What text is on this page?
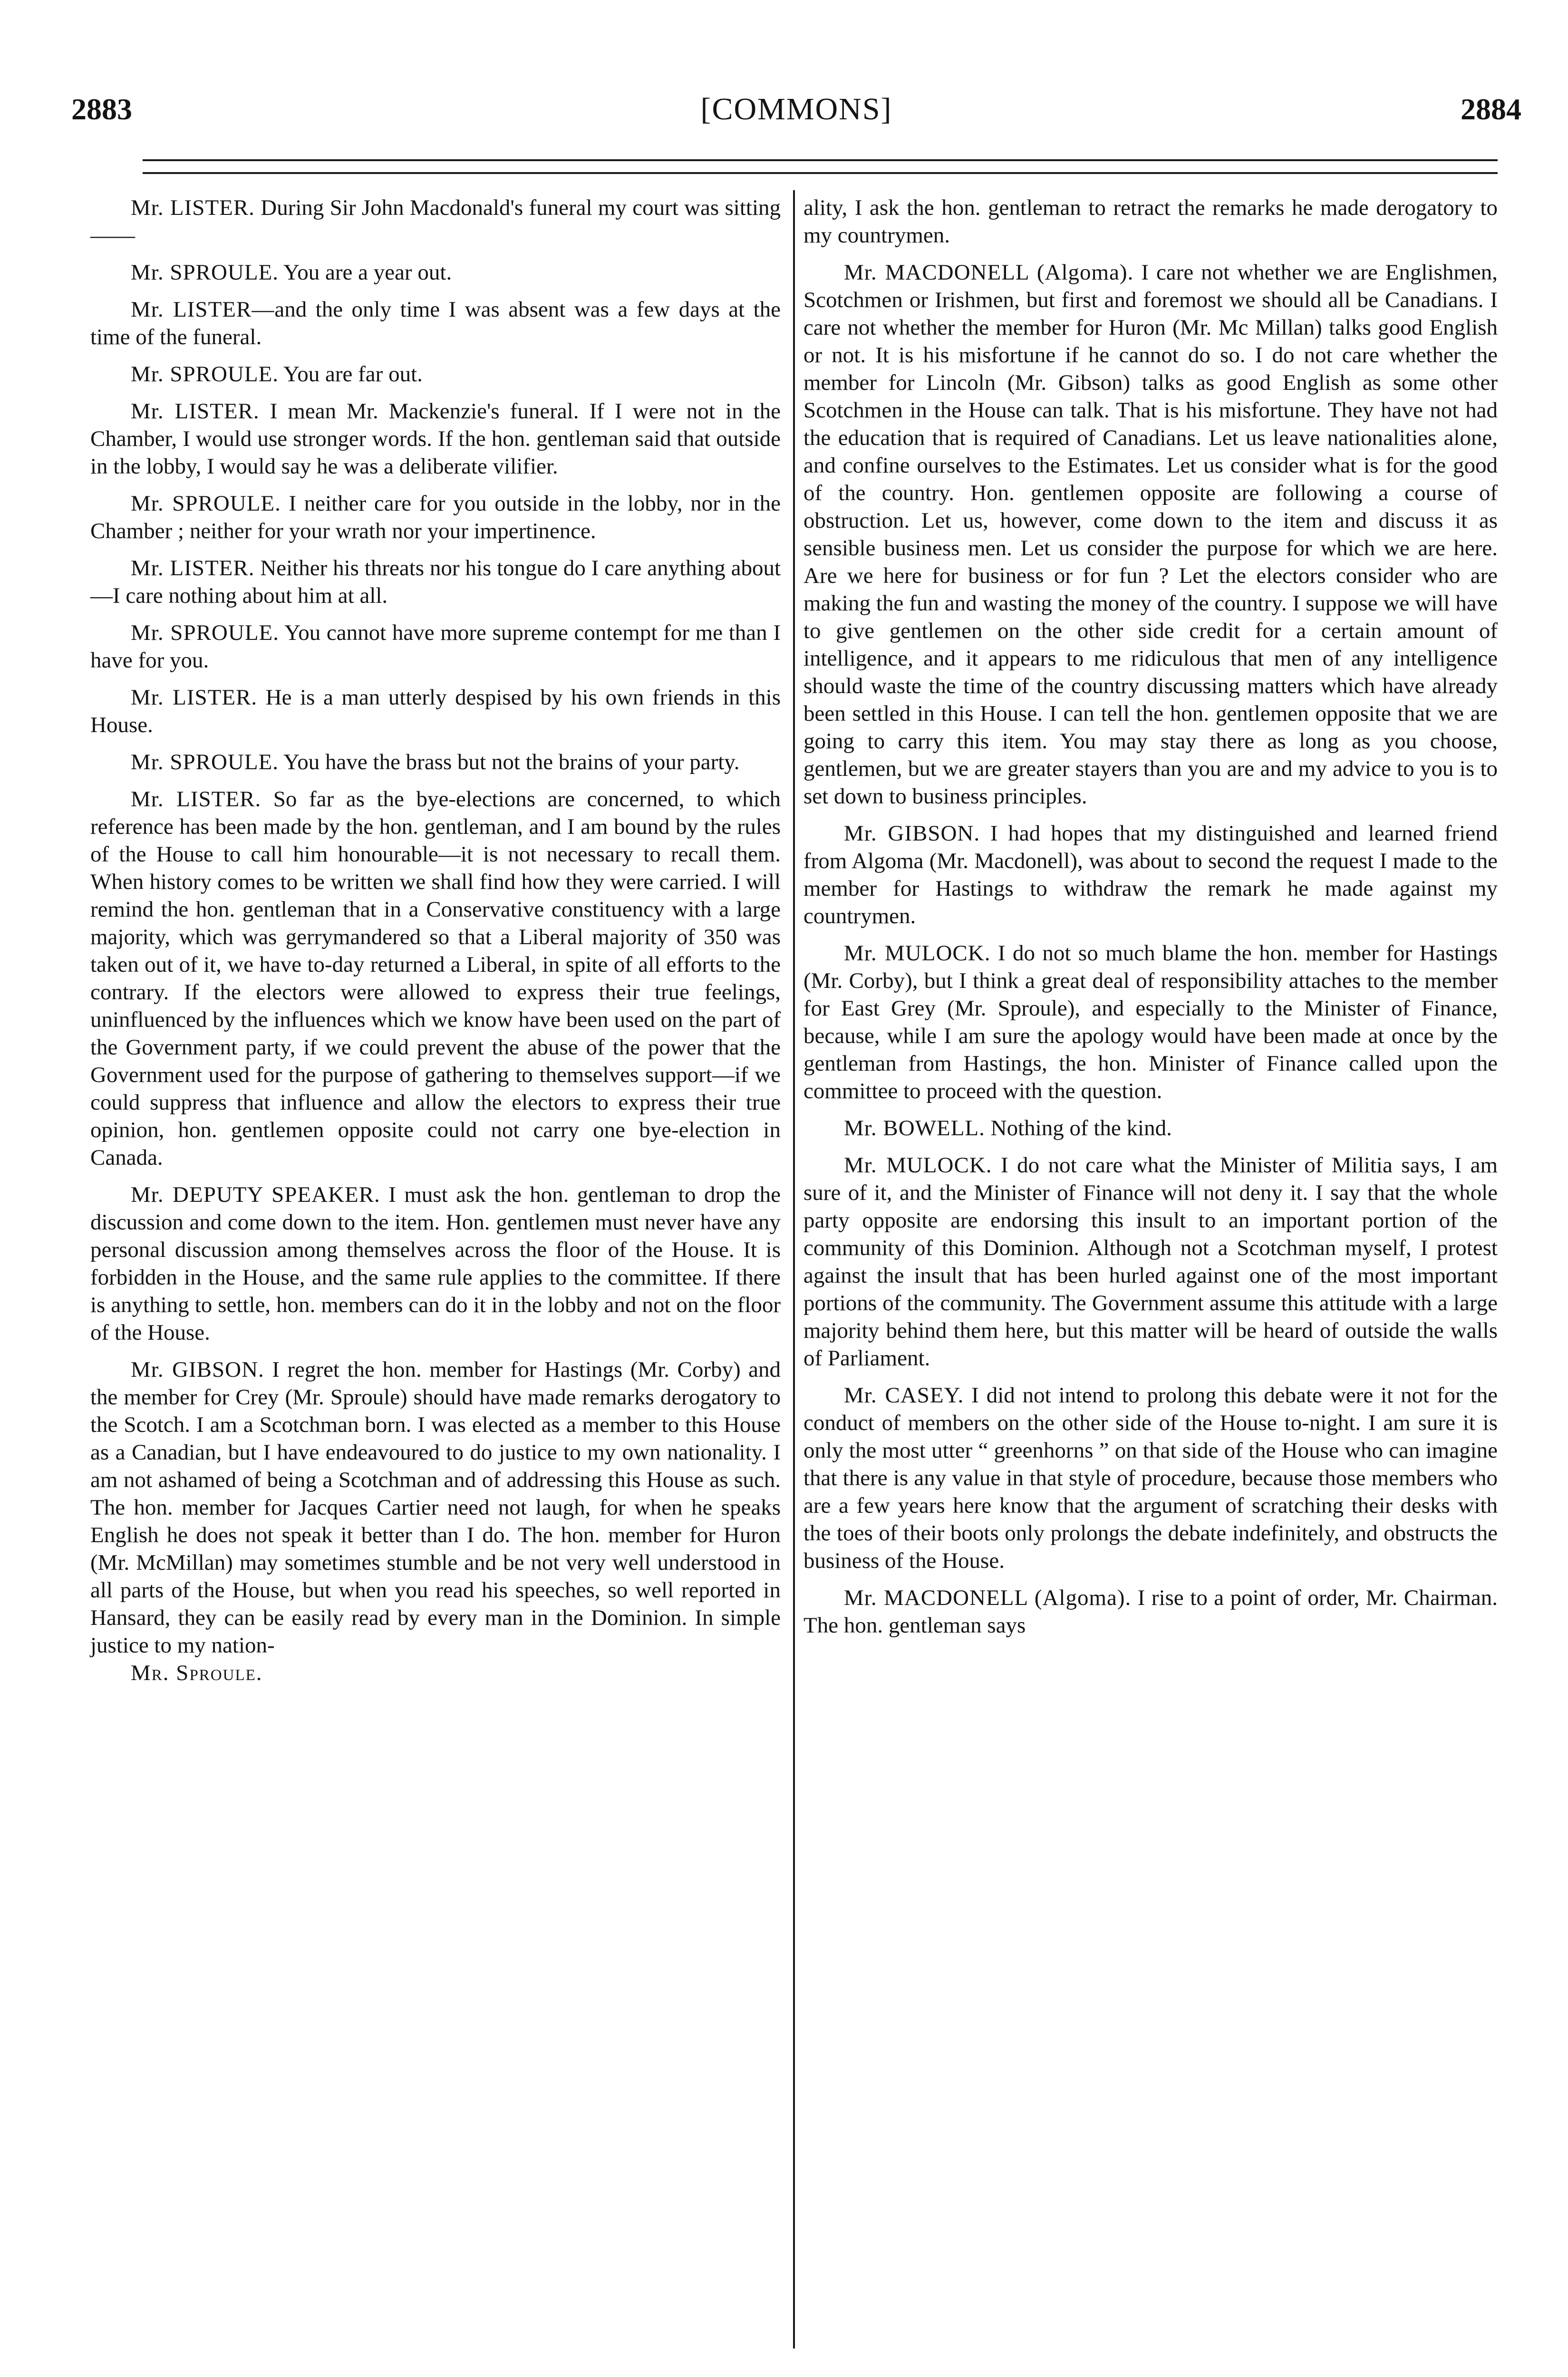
2883	[COMMONS]	2884

Mr. LISTER. During Sir John Macdonald's funeral my court was sitting——

Mr. SPROULE. You are a year out.

Mr. LISTER—and the only time I was absent was a few days at the time of the funeral.

Mr. SPROULE. You are far out.

Mr. LISTER. I mean Mr. Mackenzie's funeral. If I were not in the Chamber, I would use stronger words. If the hon. gentleman said that outside in the lobby, I would say he was a deliberate vilifier.

Mr. SPROULE. I neither care for you outside in the lobby, nor in the Chamber ; neither for your wrath nor your impertinence.

Mr. LISTER. Neither his threats nor his tongue do I care anything about—I care nothing about him at all.

Mr. SPROULE. You cannot have more supreme contempt for me than I have for you.

Mr. LISTER. He is a man utterly despised by his own friends in this House.

Mr. SPROULE. You have the brass but not the brains of your party.

Mr. LISTER. So far as the bye-elections are concerned, to which reference has been made by the hon. gentleman, and I am bound by the rules of the House to call him honourable—it is not necessary to recall them. When history comes to be written we shall find how they were carried. I will remind the hon. gentleman that in a Conservative constituency with a large majority, which was gerrymandered so that a Liberal majority of 350 was taken out of it, we have to-day returned a Liberal, in spite of all efforts to the contrary. If the electors were allowed to express their true feelings, uninfluenced by the influences which we know have been used on the part of the Government party, if we could prevent the abuse of the power that the Government used for the purpose of gathering to themselves support—if we could suppress that influence and allow the electors to express their true opinion, hon. gentlemen opposite could not carry one bye-election in Canada.

Mr. DEPUTY SPEAKER. I must ask the hon. gentleman to drop the discussion and come down to the item. Hon. gentlemen must never have any personal discussion among themselves across the floor of the House. It is forbidden in the House, and the same rule applies to the committee. If there is anything to settle, hon. members can do it in the lobby and not on the floor of the House.

Mr. GIBSON. I regret the hon. member for Hastings (Mr. Corby) and the member for Crey (Mr. Sproule) should have made remarks derogatory to the Scotch. I am a Scotchman born. I was elected as a member to this House as a Canadian, but I have endeavoured to do justice to my own nationality. I am not ashamed of being a Scotchman and of addressing this House as such. The hon. member for Jacques Cartier need not laugh, for when he speaks English he does not speak it better than I do. The hon. member for Huron (Mr. McMillan) may sometimes stumble and be not very well understood in all parts of the House, but when you read his speeches, so well reported in Hansard, they can be easily read by every man in the Dominion. In simple justice to my nation-

Mr. Sproule.

ality, I ask the hon. gentleman to retract the remarks he made derogatory to my countrymen.

Mr. MACDONELL (Algoma). I care not whether we are Englishmen, Scotchmen or Irishmen, but first and foremost we should all be Canadians. I care not whether the member for Huron (Mr. Mc Millan) talks good English or not. It is his misfortune if he cannot do so. I do not care whether the member for Lincoln (Mr. Gibson) talks as good English as some other Scotchmen in the House can talk. That is his misfortune. They have not had the education that is required of Canadians. Let us leave nationalities alone, and confine ourselves to the Estimates. Let us consider what is for the good of the country. Hon. gentlemen opposite are following a course of obstruction. Let us, however, come down to the item and discuss it as sensible business men. Let us consider the purpose for which we are here. Are we here for business or for fun ? Let the electors consider who are making the fun and wasting the money of the country. I suppose we will have to give gentlemen on the other side credit for a certain amount of intelligence, and it appears to me ridiculous that men of any intelligence should waste the time of the country discussing matters which have already been settled in this House. I can tell the hon. gentlemen opposite that we are going to carry this item. You may stay there as long as you choose, gentlemen, but we are greater stayers than you are and my advice to you is to set down to business principles.

Mr. GIBSON. I had hopes that my distinguished and learned friend from Algoma (Mr. Macdonell), was about to second the request I made to the member for Hastings to withdraw the remark he made against my countrymen.

Mr. MULOCK. I do not so much blame the hon. member for Hastings (Mr. Corby), but I think a great deal of responsibility attaches to the member for East Grey (Mr. Sproule), and especially to the Minister of Finance, because, while I am sure the apology would have been made at once by the gentleman from Hastings, the hon. Minister of Finance called upon the committee to proceed with the question.

Mr. BOWELL. Nothing of the kind.

Mr. MULOCK. I do not care what the Minister of Militia says, I am sure of it, and the Minister of Finance will not deny it. I say that the whole party opposite are endorsing this insult to an important portion of the community of this Dominion. Although not a Scotchman myself, I protest against the insult that has been hurled against one of the most important portions of the community. The Government assume this attitude with a large majority behind them here, but this matter will be heard of outside the walls of Parliament.

Mr. CASEY. I did not intend to prolong this debate were it not for the conduct of members on the other side of the House to-night. I am sure it is only the most utter “ greenhorns ” on that side of the House who can imagine that there is any value in that style of procedure, because those members who are a few years here know that the argument of scratching their desks with the toes of their boots only prolongs the debate indefinitely, and obstructs the business of the House.

Mr. MACDONELL (Algoma). I rise to a point of order, Mr. Chairman. The hon. gentleman says
